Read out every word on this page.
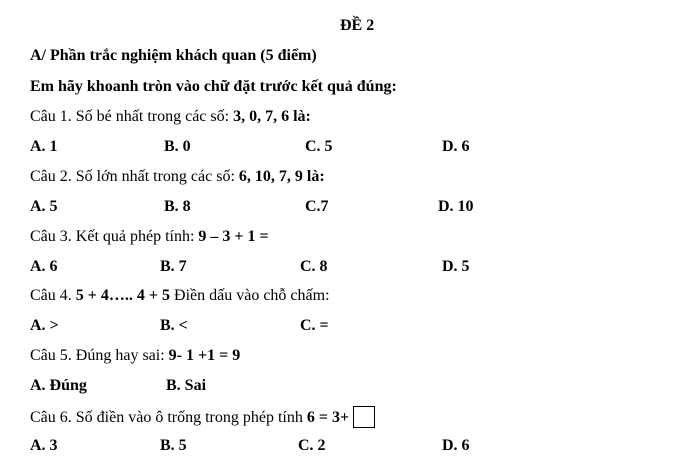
ĐỀ 2
A/ Phần trắc nghiệm khách quan (5 điểm)
Em hãy khoanh tròn vào chữ đặt trước kết quả đúng:
Câu 1. Số bé nhất trong các số: 3, 0, 7, 6 là:
A. 1	B. 0	C. 5	D. 6
Câu 2. Số lớn nhất trong các số: 6, 10, 7, 9 là:
A. 5	B. 8	C.7	D. 10
Câu 3. Kết quả phép tính: 9 – 3 + 1 =
A. 6	B. 7	C. 8	D. 5
Câu 4. 5 + 4….. 4 + 5 Điền dấu vào chỗ chấm:
A. >	B. <	C. =
Câu 5. Đúng hay sai: 9- 1 +1 = 9
A. Đúng	B. Sai
Câu 6. Số điền vào ô trống trong phép tính 6 = 3+
A. 3	B. 5	C. 2	D. 6
